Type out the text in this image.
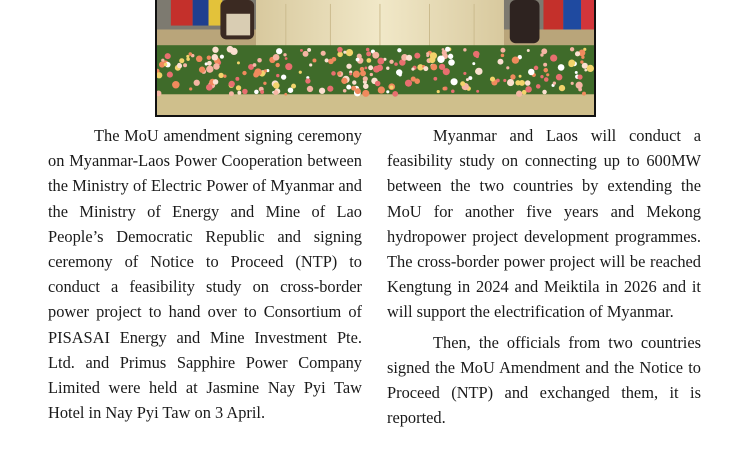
The MoU amendment signing ceremony on Myanmar-Laos Power Cooperation between the Ministry of Electric Power of Myanmar and the Ministry of Energy and Mine of Lao People’s Democratic Republic and signing ceremony of Notice to Proceed (NTP) to conduct a feasibility study on cross-border power project to hand over to Consortium of PISASAI Energy and Mine Investment Pte. Ltd. and Primus Sapphire Power Company Limited were held at Jasmine Nay Pyi Taw Hotel in Nay Pyi Taw on 3 April.

Myanmar and Laos will conduct a feasibility study on connecting up to 600MW between the two countries by extending the MoU for another five years and Mekong hydropower project development programmes. The cross-border power project will be reached Kengtung in 2024 and Meiktila in 2026 and it will support the electrification of Myanmar.

Then, the officials from two countries signed the MoU Amendment and the Notice to Proceed (NTP) and exchanged them, it is reported.
